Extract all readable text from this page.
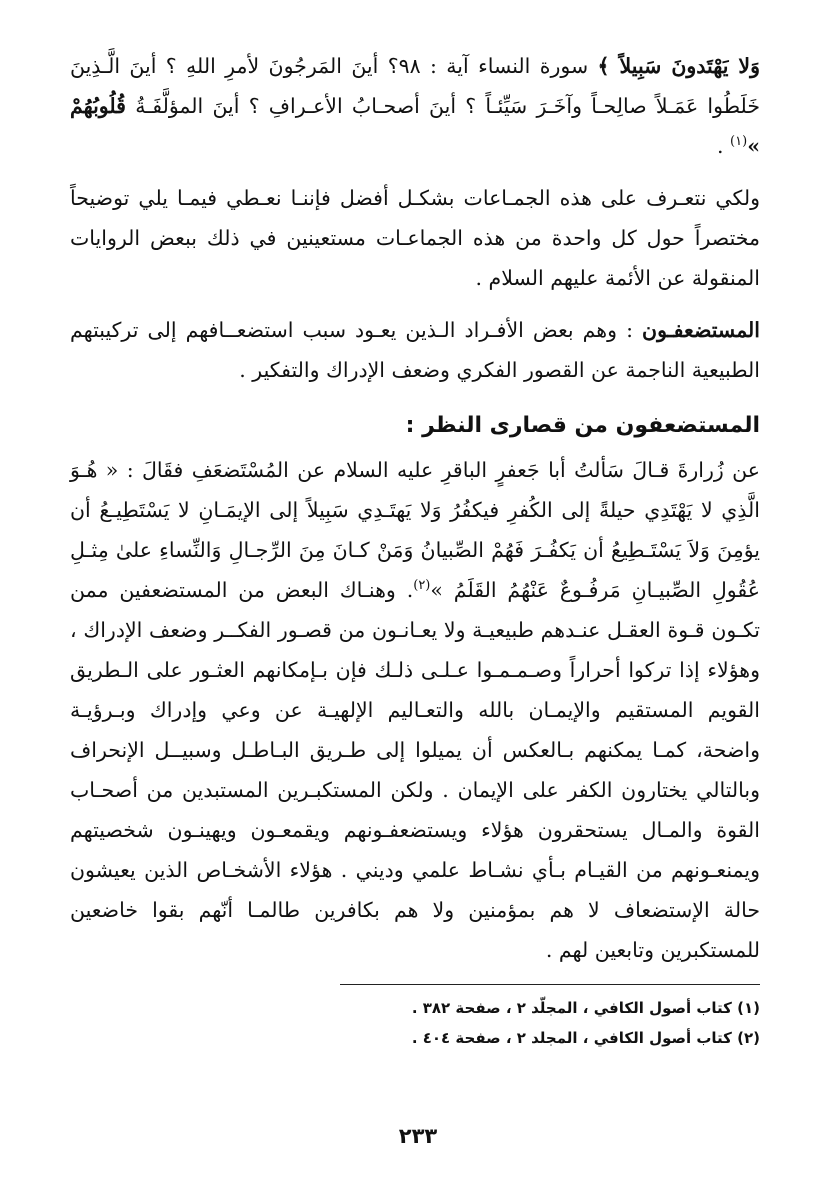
وَلا يَهْتَدونَ سَبِيلاً ﴾ سورة النساء آية : ٩٨؟ أينَ المَرجُونَ لأمرِ اللهِ ؟ أينَ الَّـذِينَ خَلَطُوا عَمَـلاً صالِحـاً وآخَـرَ سَيِّئـاً ؟ أينَ أصحـابُ الأعـرافِ ؟ أينَ المؤلَّفَـةُ قُلُوبُهُمْ »$^{(١)}$ .

ولكي نتعـرف على هذه الجمـاعات بشكـل أفضل فإننـا نعـطي فيمـا يلي توضيحاً مختصراً حول كل واحدة من هذه الجماعـات مستعينين في ذلك ببعض الروايات المنقولة عن الأئمة عليهم السلام .

المستضعفـون : وهم بعض الأفـراد الـذين يعـود سبب استضعــافهم إلى تركيبتهم الطبيعية الناجمة عن القصور الفكري وضعف الإدراك والتفكير .

المستضعفون من قصارى النظر :

عن زُرارةَ قـالَ سَألتُ أبا جَعفرٍ الباقرِ عليه السلام عن المُسْتَضعَفِ فقَالَ : « هُـوَ الَّذِي لا يَهْتَدِي حيلةً إلى الكُفرِ فيكفُرُ وَلا يَهتَـدِي سَبِيلاً إلى الإيمَـانِ لا يَسْتَطِيـعُ أن يؤمِنَ وَلاَ يَسْتَـطِيعُ أن يَكفُـرَ فَهُمْ الصِّبيانُ وَمَنْ كـانَ مِنَ الرِّجـالِ وَالنِّساءِ علىٰ مِثـلِ عُقُولِ الصِّبيـانِ مَرفُـوعٌ عَنْهُمُ القَلَمُ »$^{(٢)}$. وهنـاك البعض من المستضعفين ممن تكـون قـوة العقـل عنـدهم طبيعيـة ولا يعـانـون من قصـور الفكــر وضعف الإدراك ، وهؤلاء إذا تركوا أحراراً وصـمـمـوا عـلـى ذلـك فإن بـإمكانهم العثـور على الـطريق القويم المستقيم والإيمـان بالله والتعـاليم الإلهيـة عن وعي وإدراك وبـرؤيـة واضحة، كمـا يمكنهم بـالعكس أن يميلوا إلى طـريق البـاطـل وسبيــل الإنحراف وبالتالي يختارون الكفر على الإيمان . ولكن المستكبـرين المستبدين من أصحـاب القوة والمـال يستحقرون هؤلاء ويستضعفـونهم ويقمعـون ويهينـون شخصيتهم ويمنعـونهم من القيـام بـأي نشـاط علمي وديني . هؤلاء الأشخـاص الذين يعيشون حالة الإستضعاف لا هم بمؤمنين ولا هم بكافرين طالمـا أنّهم بقوا خاضعين للمستكبرين وتابعين لهم .

(١) كتاب أصول الكافي ، المجلّد ٢ ، صفحة ٣٨٢ .

(٢) كتاب أصول الكافي ، المجلد ٢ ، صفحة ٤٠٤ .

٢٣٣
